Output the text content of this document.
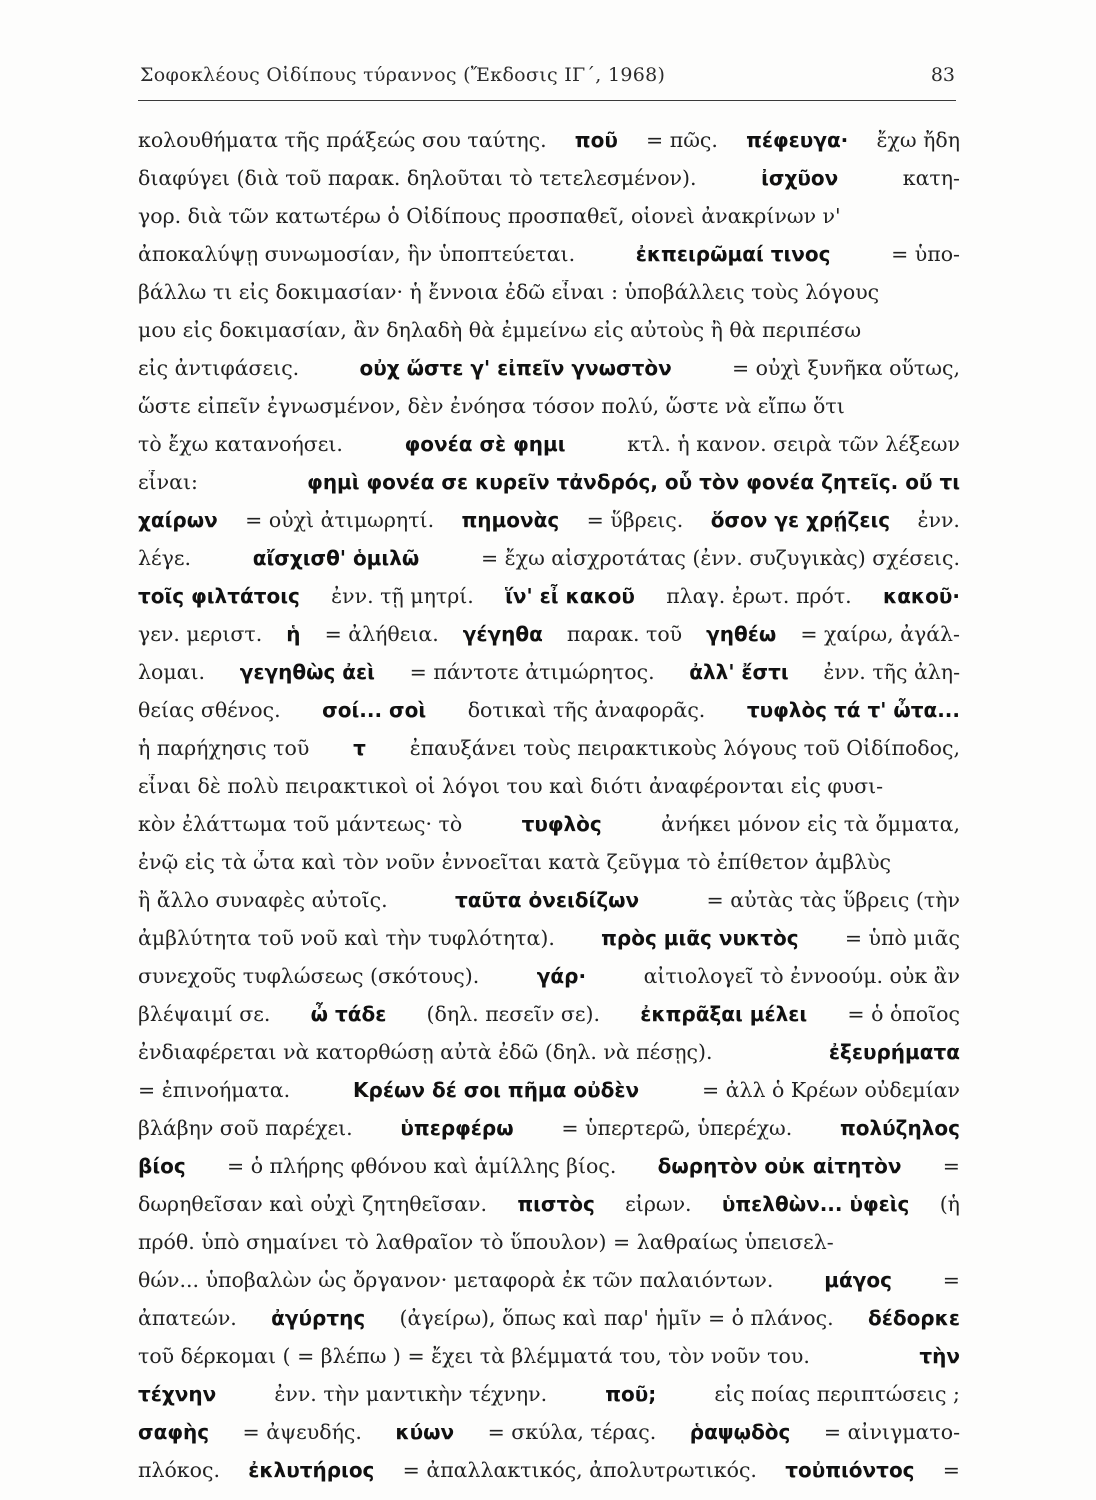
Σοφοκλέους Οἰδίπους τύραννος (Ἔκδοσις ΙΓ΄, 1968)	83
κολουθήματα τῆς πράξεώς σου ταύτης. ποῦ = πῶς. πέφευγα· ἔχω ἤδη
διαφύγει (διὰ τοῦ παρακ. δηλοῦται τὸ τετελεσμένον).	ἰσχῦον	κατη-
γορ. διὰ τῶν κατωτέρω ὁ Οἰδίπους προσπαθεῖ, οἱονεὶ ἀνακρίνων ν'
ἀποκαλύψῃ συνωμοσίαν, ἣν ὑποπτεύεται.	ἐκπειρῶμαί τινος	= ὑπο-
βάλλω τι εἰς δοκιμασίαν· ἡ ἔννοια ἐδῶ εἶναι : ὑποβάλλεις τοὺς λόγους
μου εἰς δοκιμασίαν, ἂν δηλαδὴ θὰ ἐμμείνω εἰς αὐτοὺς ἢ θὰ περιπέσω
εἰς ἀντιφάσεις.	οὐχ ὥστε γ' εἰπεῖν γνωστὸν	= οὐχὶ ξυνῆκα οὕτως,
ὥστε εἰπεῖν ἐγνωσμένον, δὲν ἐνόησα τόσον πολύ, ὥστε νὰ εἴπω ὅτι
τὸ ἔχω κατανοήσει.	φονέα σὲ φημι	κτλ. ἡ κανον. σειρὰ τῶν λέξεων
εἶναι:	φημὶ φονέα σε κυρεῖν τἀνδρός, οὗ τὸν φονέα ζητεῖς. οὔ τι
χαίρων = οὐχὶ ἀτιμωρητί. πημονὰς = ὕβρεις. ὅσον γε χρῄζεις ἐνν.
λέγε.	αἴσχισθ' ὁμιλῶ	= ἔχω αἰσχροτάτας (ἐνν. συζυγικὰς) σχέσεις.
τοῖς φιλτάτοις ἐνν. τῇ μητρί. ἵν' εἶ κακοῦ πλαγ. ἐρωτ. πρότ. κακοῦ·
γεν. μεριστ. ἡ = ἀλήθεια. γέγηθα παρακ. τοῦ γηθέω = χαίρω, ἀγάλ-
λομαι. γεγηθὼς ἀεὶ = πάντοτε ἀτιμώρητος. ἀλλ' ἔστι ἐνν. τῆς ἀλη-
θείας σθένος. σοί... σοὶ δοτικαὶ τῆς ἀναφορᾶς. τυφλὸς τά τ' ὦτα...
ἡ παρήχησις τοῦ τ ἐπαυξάνει τοὺς πειρακτικοὺς λόγους τοῦ Οἰδίποδος,
εἶναι δὲ πολὺ πειρακτικοὶ οἱ λόγοι του καὶ διότι ἀναφέρονται εἰς φυσι-
κὸν ἐλάττωμα τοῦ μάντεως· τὸ	τυφλὸς	ἀνήκει μόνον εἰς τὰ ὄμματα,
ἐνῷ εἰς τὰ ὦτα καὶ τὸν νοῦν ἐννοεῖται κατὰ ζεῦγμα τὸ ἐπίθετον ἀμβλὺς
ἢ ἄλλο συναφὲς αὐτοῖς.	ταῦτα ὀνειδίζων	= αὐτὰς τὰς ὕβρεις (τὴν
ἀμβλύτητα τοῦ νοῦ καὶ τὴν τυφλότητα). πρὸς μιᾶς νυκτὸς = ὑπὸ μιᾶς
συνεχοῦς τυφλώσεως (σκότους).	γάρ·	αἰτιολογεῖ τὸ ἐννοούμ. οὐκ ἂν
βλέψαιμί σε. ὦ τάδε (δηλ. πεσεῖν σε). ἐκπρᾶξαι μέλει = ὁ ὁποῖος
ἐνδιαφέρεται νὰ κατορθώσῃ αὐτὰ ἐδῶ (δηλ. νὰ πέσῃς).	ἐξευρήματα
= ἐπινοήματα.	Κρέων δέ σοι πῆμα οὐδὲν	= ἀλλ ὁ Κρέων οὐδεμίαν
βλάβην σοῦ παρέχει. ὑπερφέρω = ὑπερτερῶ, ὑπερέχω. πολύζηλος
βίος = ὁ πλήρης φθόνου καὶ ἁμίλλης βίος. δωρητὸν οὐκ αἰτητὸν =
δωρηθεῖσαν καὶ οὐχὶ ζητηθεῖσαν. πιστὸς εἰρων. ὑπελθὼν... ὑφεὶς (ἡ
πρόθ. ὑπὸ σημαίνει τὸ λαθραῖον τὸ ὕπουλον) = λαθραίως ὑπεισελ-
θών... ὑποβαλὼν ὡς ὄργανον· μεταφορὰ ἐκ τῶν παλαιόντων.	μάγος =
ἀπατεών. ἀγύρτης (ἀγείρω), ὅπως καὶ παρ' ἡμῖν = ὁ πλάνος. δέδορκε
τοῦ δέρκομαι ( = βλέπω ) = ἔχει τὰ βλέμματά του, τὸν νοῦν του.	τὴν
τέχνην	ἐνν. τὴν μαντικὴν τέχνην.	ποῦ;	εἰς ποίας περιπτώσεις ;
σαφὴς = ἀψευδής. κύων = σκύλα, τέρας. ῥαψῳδὸς = αἰνιγματο-
πλόκος. ἐκλυτήριος = ἀπαλλακτικός, ἀπολυτρωτικός. τοὐπιόντος =
